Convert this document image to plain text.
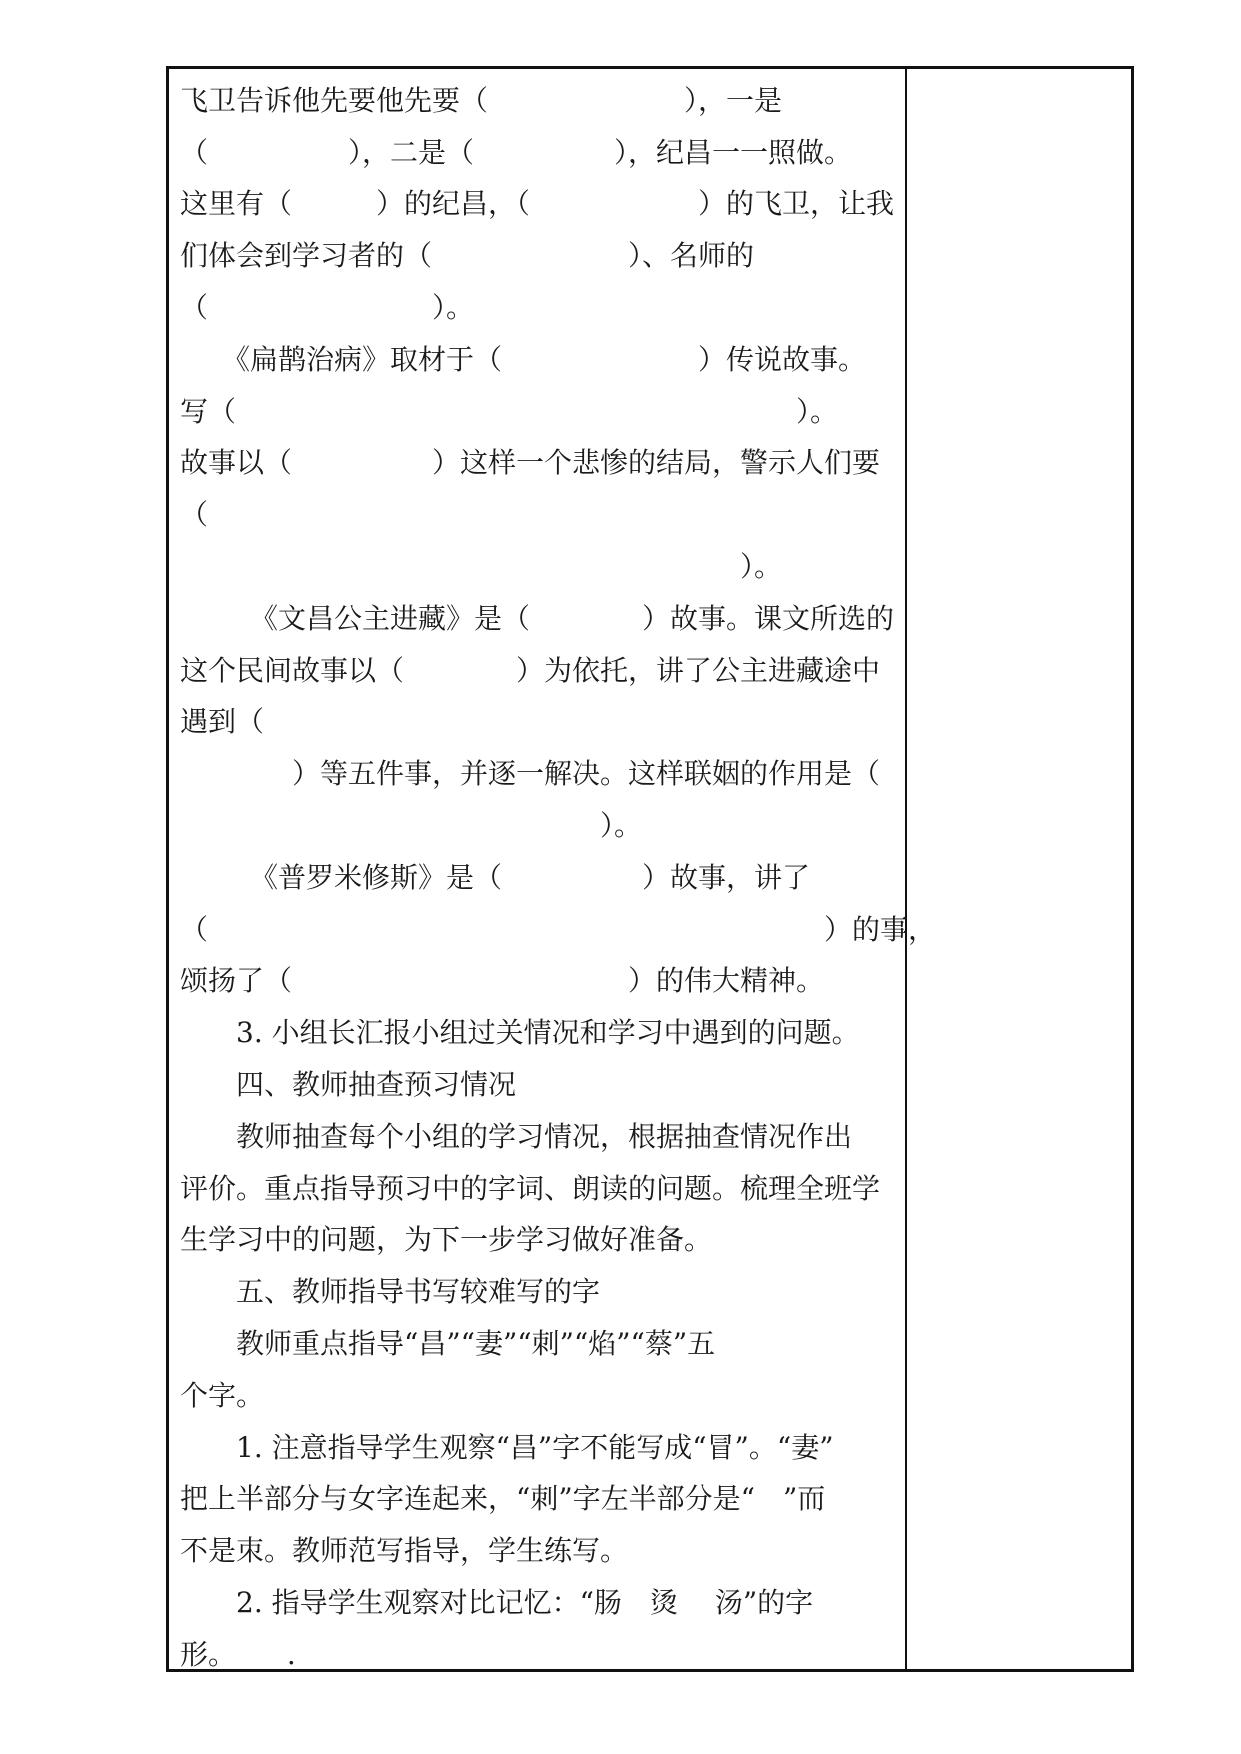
飞卫告诉他先要他先要（　　　　　　　），一是
（　　　　　），二是（　　　　　），纪昌一一照做。
这里有（　　　）的纪昌，（　　　　　　）的飞卫，让我
们体会到学习者的（　　　　　　　）、名师的
（　　　　　　　　）。
　　《扁鹊治病》取材于（　　　　　　　）传说故事。
写（　　　　　　　　　　　　　　　　　　　　）。
故事以（　　　　　）这样一个悲惨的结局，警示人们要
（
　　　　　　　　　　　　　　　　　　　　）。
　　　《文昌公主进藏》是（　　　　）故事。课文所选的
这个民间故事以（　　　　）为依托，讲了公主进藏途中
遇到（
　　　　）等五件事，并逐一解决。这样联姻的作用是（
　　　　　　　　　　　　　　　）。
　　　《普罗米修斯》是（　　　　　）故事，讲了
（　　　　　　　　　　　　　　　　　　　　　　）的事，
颂扬了（　　　　　　　　　　　　）的伟大精神。
　　3. 小组长汇报小组过关情况和学习中遇到的问题。
　　四、教师抽查预习情况
　　教师抽查每个小组的学习情况，根据抽查情况作出
评价。重点指导预习中的字词、朗读的问题。梳理全班学
生学习中的问题，为下一步学习做好准备。
　　五、教师指导书写较难写的字
　　教师重点指导“昌”“妻”“刺”“焰”“蔡”五
个字。
　　1. 注意指导学生观察“昌”字不能写成“冒”。“妻”
把上半部分与女字连起来，“刺”字左半部分是“　”而
不是朿。教师范写指导，学生练写。
　　2. 指导学生观察对比记忆：“肠　烫　 汤”的字
形。　　 .
